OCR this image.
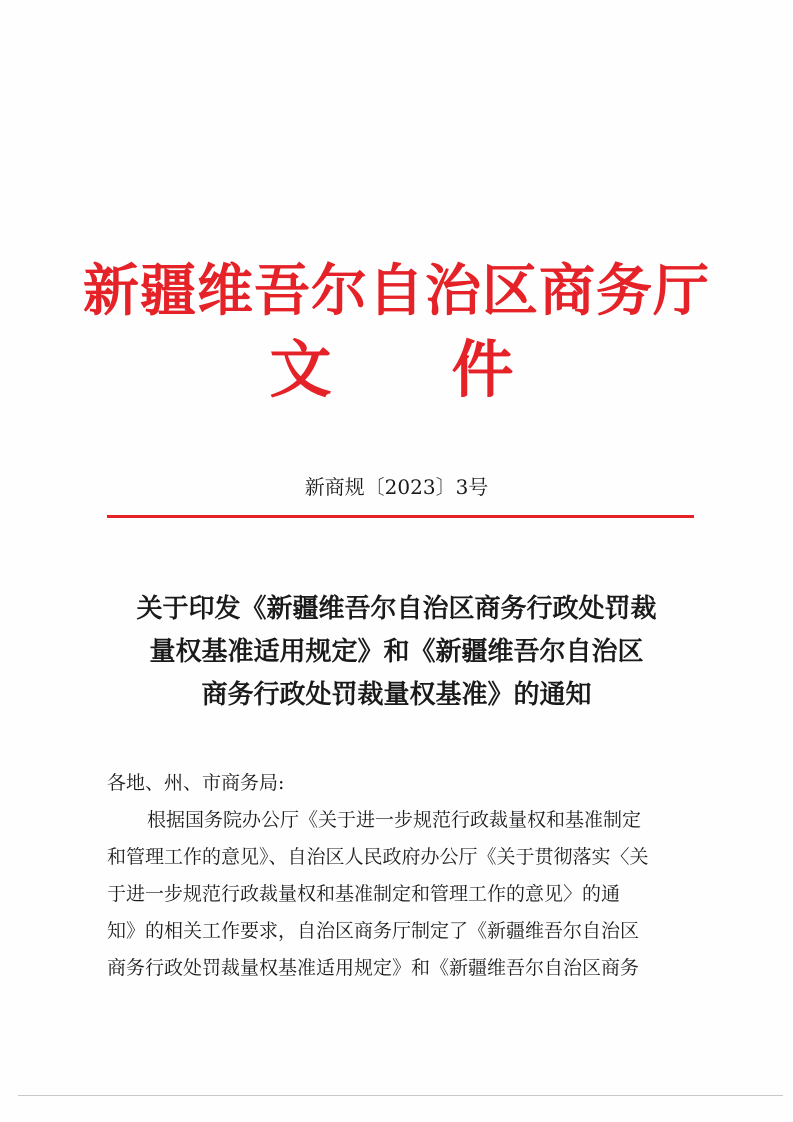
新疆维吾尔自治区商务厅
文件
新商规〔2023〕3号
关于印发《新疆维吾尔自治区商务行政处罚裁
量权基准适用规定》和《新疆维吾尔自治区
商务行政处罚裁量权基准》的通知
各地、州、市商务局:
根据国务院办公厅《关于进一步规范行政裁量权和基准制定
和管理工作的意见》、自治区人民政府办公厅《关于贯彻落实〈关
于进一步规范行政裁量权和基准制定和管理工作的意见〉的通
知》的相关工作要求，自治区商务厅制定了《新疆维吾尔自治区
商务行政处罚裁量权基准适用规定》和《新疆维吾尔自治区商务
